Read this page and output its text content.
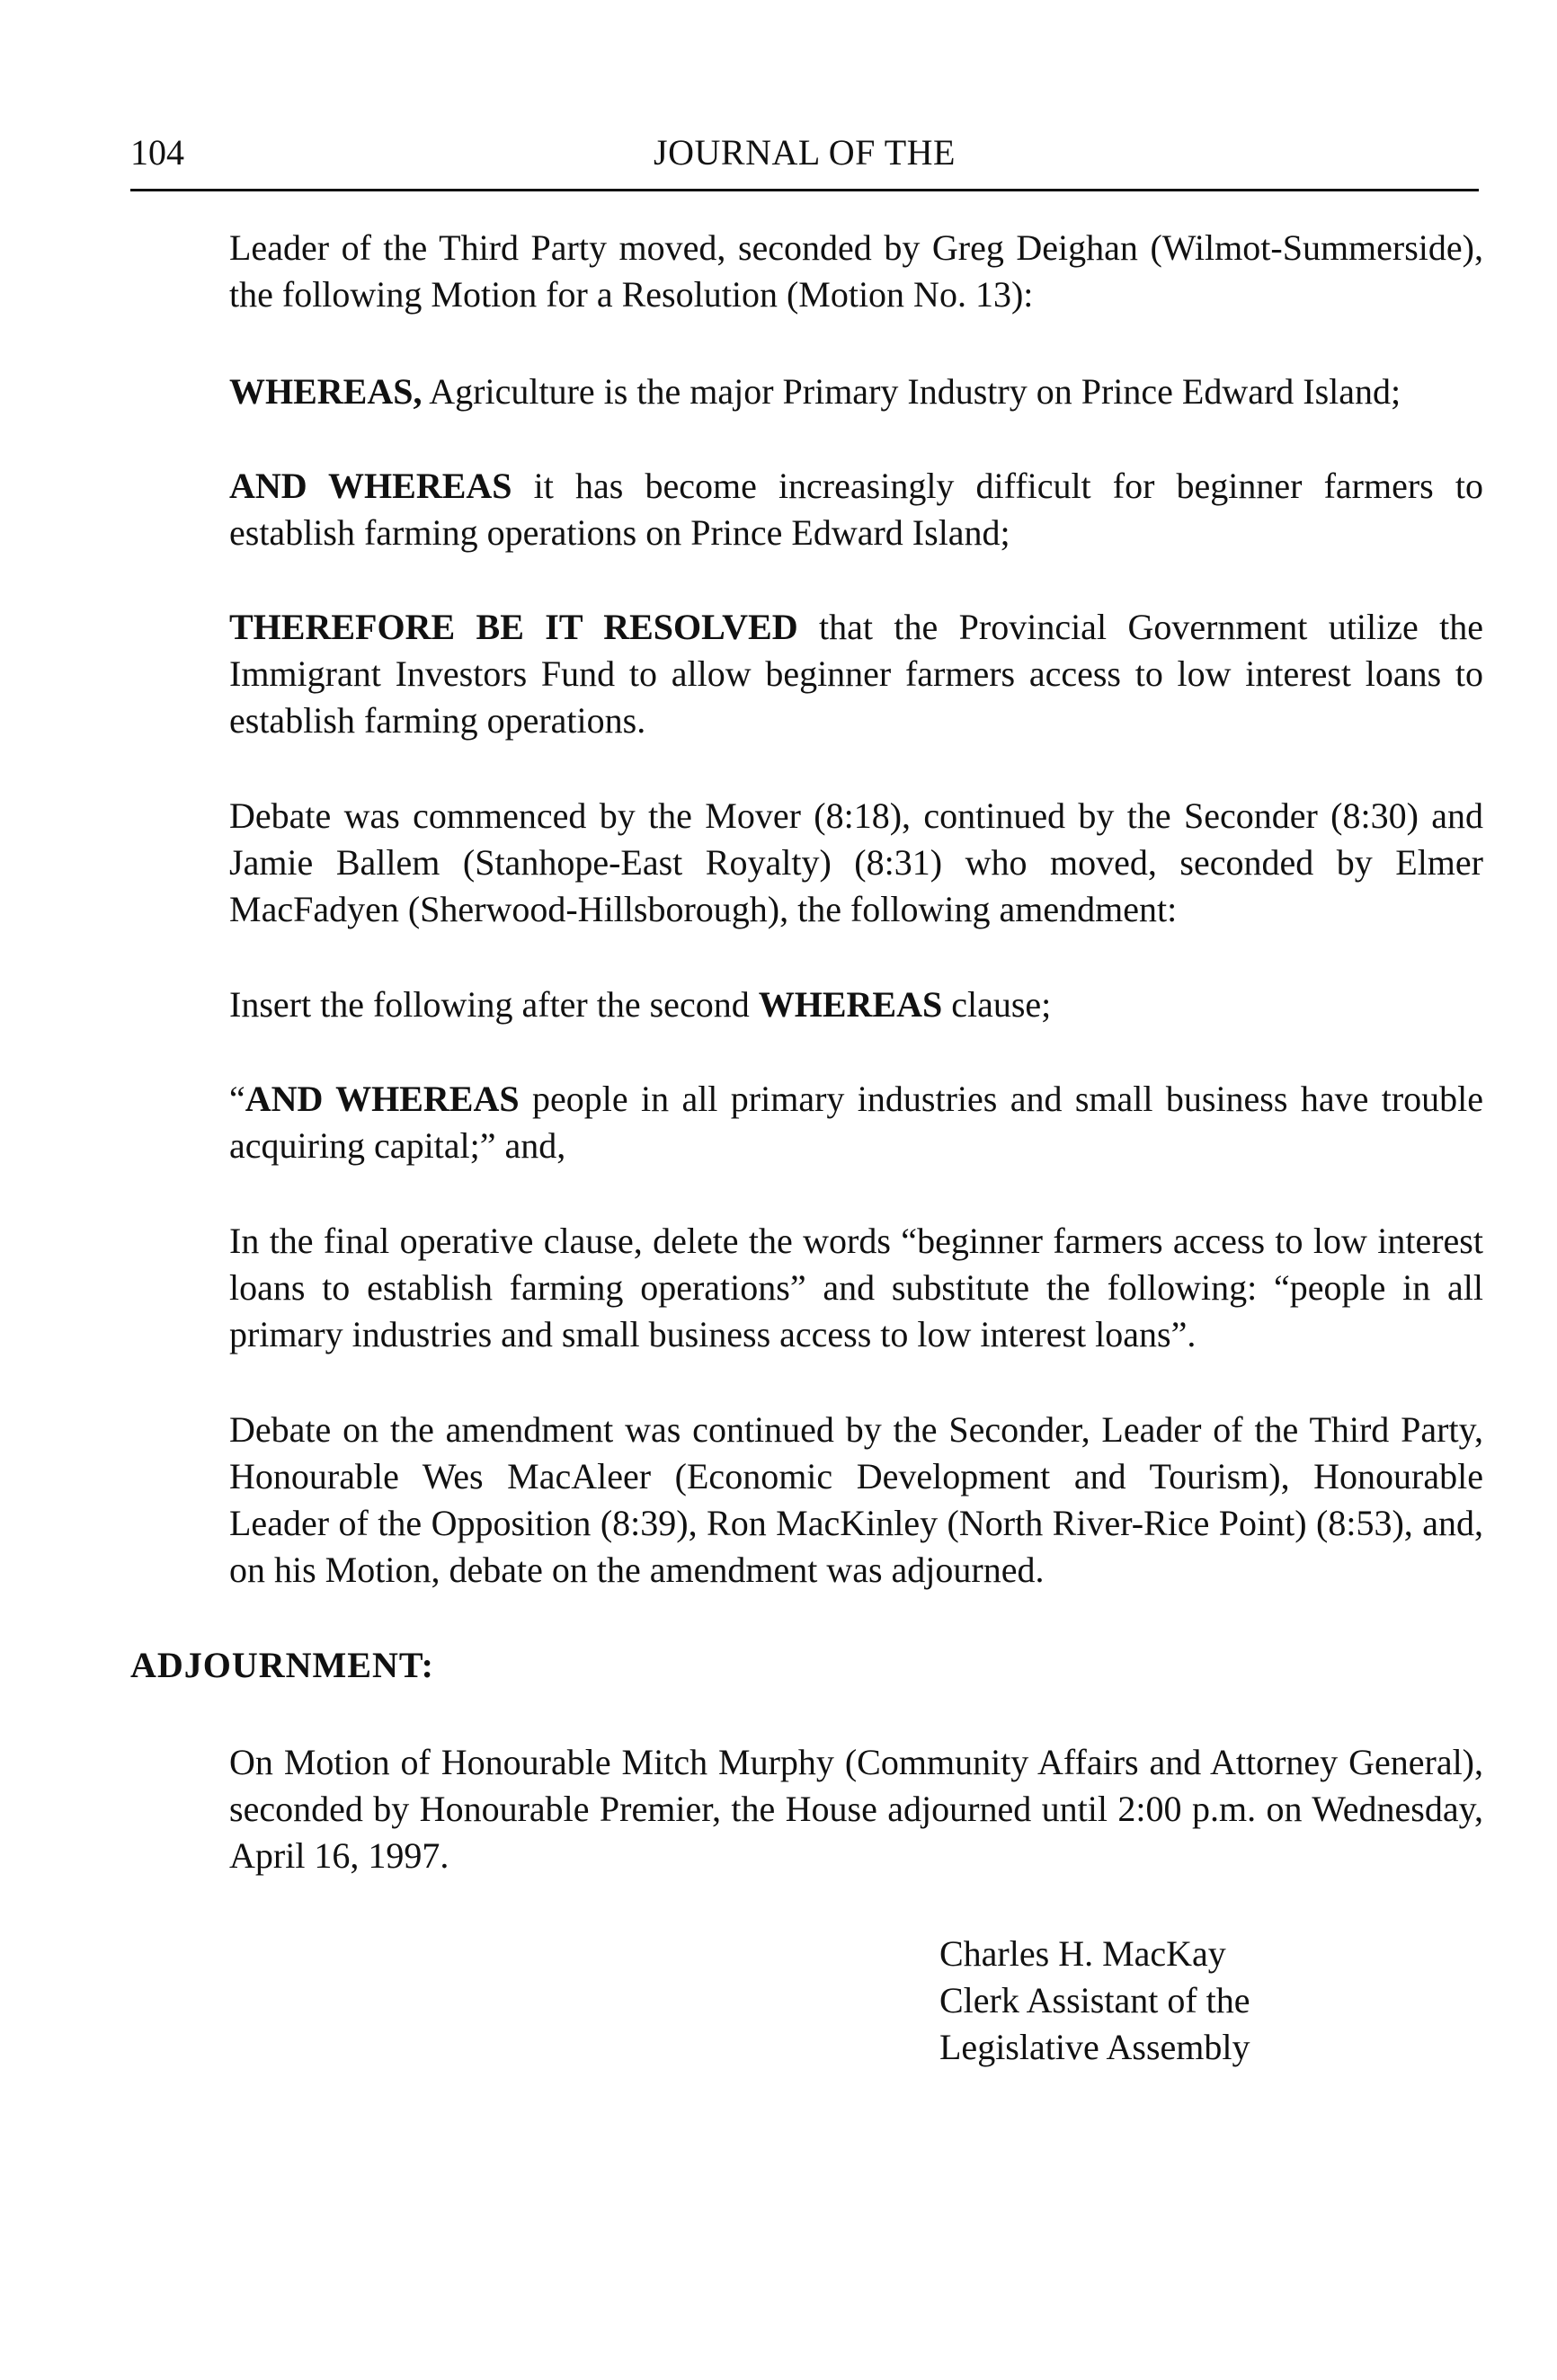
104	JOURNAL OF THE

Leader of the Third Party moved, seconded by Greg Deighan (Wilmot-Summerside), the following Motion for a Resolution (Motion No. 13):

WHEREAS, Agriculture is the major Primary Industry on Prince Edward Island;

AND WHEREAS it has become increasingly difficult for beginner farmers to establish farming operations on Prince Edward Island;

THEREFORE BE IT RESOLVED that the Provincial Government utilize the Immigrant Investors Fund to allow beginner farmers access to low interest loans to establish farming operations.

Debate was commenced by the Mover (8:18), continued by the Seconder (8:30) and Jamie Ballem (Stanhope-East Royalty) (8:31) who moved, seconded by Elmer MacFadyen (Sherwood-Hillsborough), the following amendment:

Insert the following after the second WHEREAS clause;

“AND WHEREAS people in all primary industries and small business have trouble acquiring capital;” and,

In the final operative clause, delete the words “beginner farmers access to low interest loans to establish farming operations” and substitute the following: “people in all primary industries and small business access to low interest loans”.

Debate on the amendment was continued by the Seconder, Leader of the Third Party, Honourable Wes MacAleer (Economic Development and Tourism), Honourable Leader of the Opposition (8:39), Ron MacKinley (North River-Rice Point) (8:53), and, on his Motion, debate on the amendment was adjourned.

ADJOURNMENT:

On Motion of Honourable Mitch Murphy (Community Affairs and Attorney General), seconded by Honourable Premier, the House adjourned until 2:00 p.m. on Wednesday, April 16, 1997.

Charles H. MacKay
Clerk Assistant of the
Legislative Assembly
